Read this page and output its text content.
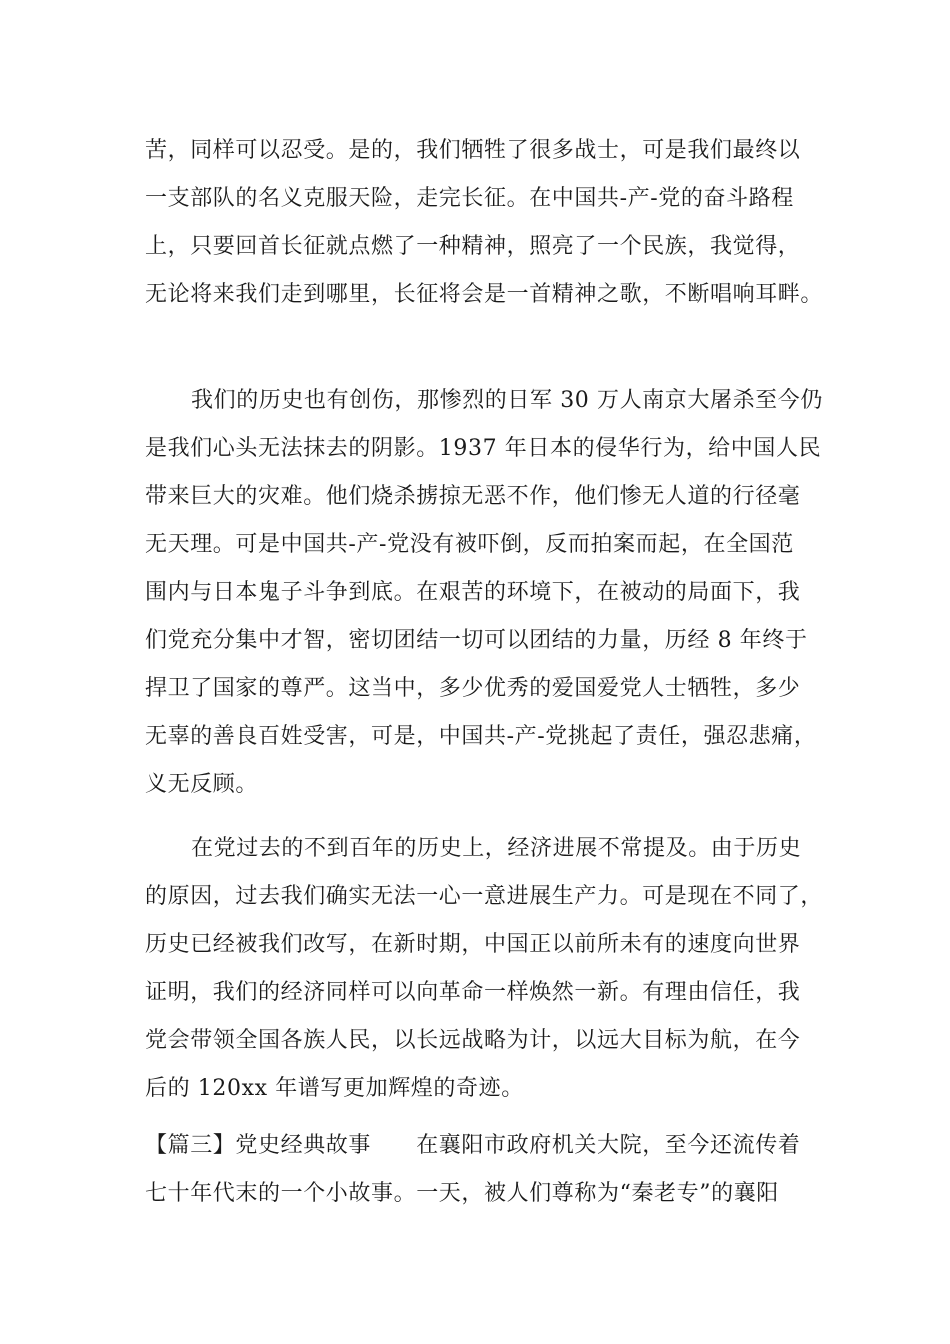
苦，同样可以忍受。是的，我们牺牲了很多战士，可是我们最终以
一支部队的名义克服天险，走完长征。在中国共-产-党的奋斗路程
上，只要回首长征就点燃了一种精神，照亮了一个民族，我觉得，
无论将来我们走到哪里，长征将会是一首精神之歌，不断唱响耳畔。
我们的历史也有创伤，那惨烈的日军 30 万人南京大屠杀至今仍
是我们心头无法抹去的阴影。1937 年日本的侵华行为，给中国人民
带来巨大的灾难。他们烧杀掳掠无恶不作，他们惨无人道的行径毫
无天理。可是中国共-产-党没有被吓倒，反而拍案而起，在全国范
围内与日本鬼子斗争到底。在艰苦的环境下，在被动的局面下，我
们党充分集中才智，密切团结一切可以团结的力量，历经 8 年终于
捍卫了国家的尊严。这当中，多少优秀的爱国爱党人士牺牲，多少
无辜的善良百姓受害，可是，中国共-产-党挑起了责任，强忍悲痛，
义无反顾。
在党过去的不到百年的历史上，经济进展不常提及。由于历史
的原因，过去我们确实无法一心一意进展生产力。可是现在不同了，
历史已经被我们改写，在新时期，中国正以前所未有的速度向世界
证明，我们的经济同样可以向革命一样焕然一新。有理由信任，我
党会带领全国各族人民，以长远战略为计，以远大目标为航，在今
后的 120xx 年谱写更加辉煌的奇迹。
【篇三】党史经典故事　　在襄阳市政府机关大院，至今还流传着
七十年代末的一个小故事。一天，被人们尊称为“秦老专”的襄阳
